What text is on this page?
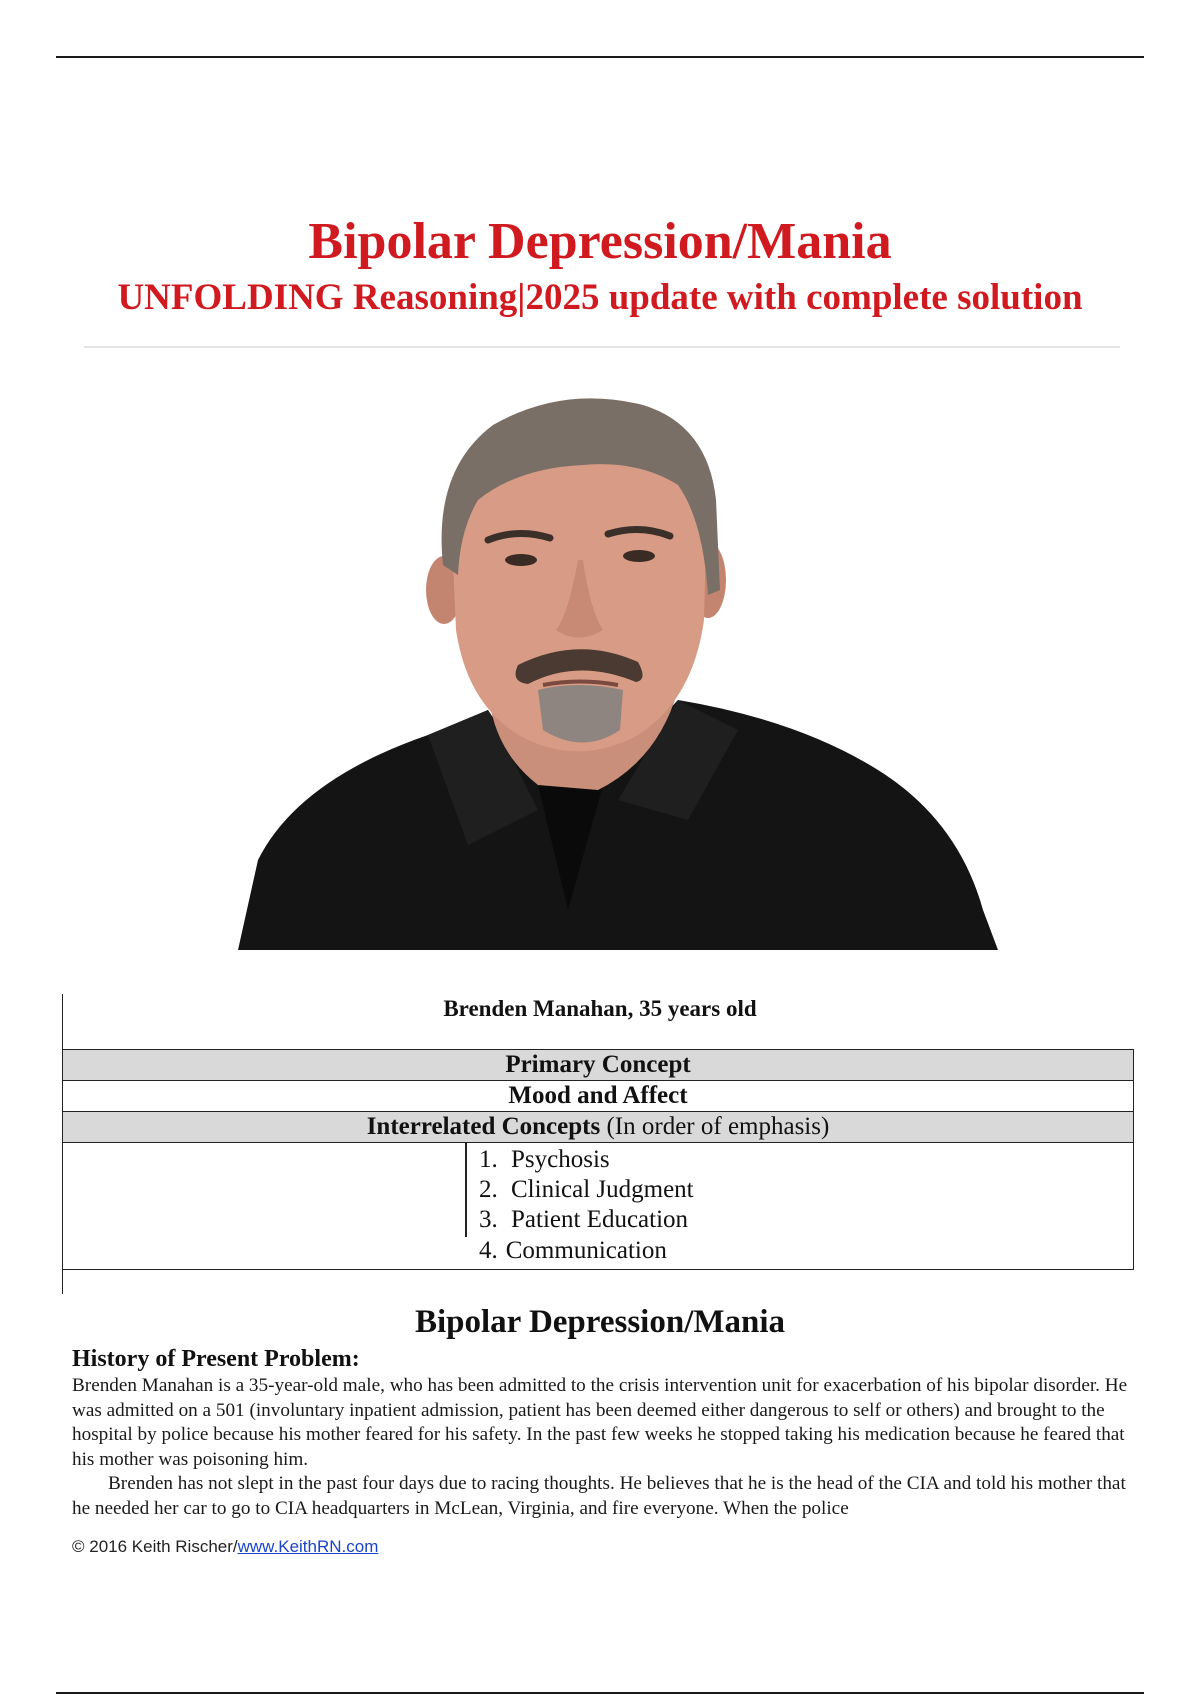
Bipolar Depression/Mania
UNFOLDING Reasoning|2025 update with complete solution
Brenden Manahan, 35 years old
Primary Concept
Mood and Affect
Interrelated Concepts (In order of emphasis)

1. Psychosis
2. Clinical Judgment
3. Patient Education
4. Communication
Bipolar Depression/Mania
History of Present Problem:

Brenden Manahan is a 35-year-old male, who has been admitted to the crisis intervention unit for exacerbation of his bipolar disorder. He was admitted on a 501 (involuntary inpatient admission, patient has been deemed either dangerous to self or others) and brought to the hospital by police because his mother feared for his safety. In the past few weeks he stopped taking his medication because he feared that his mother was poisoning him.

Brenden has not slept in the past four days due to racing thoughts. He believes that he is the head of the CIA and told his mother that he needed her car to go to CIA headquarters in McLean, Virginia, and fire everyone. When the police

© 2016 Keith Rischer/www.KeithRN.com
